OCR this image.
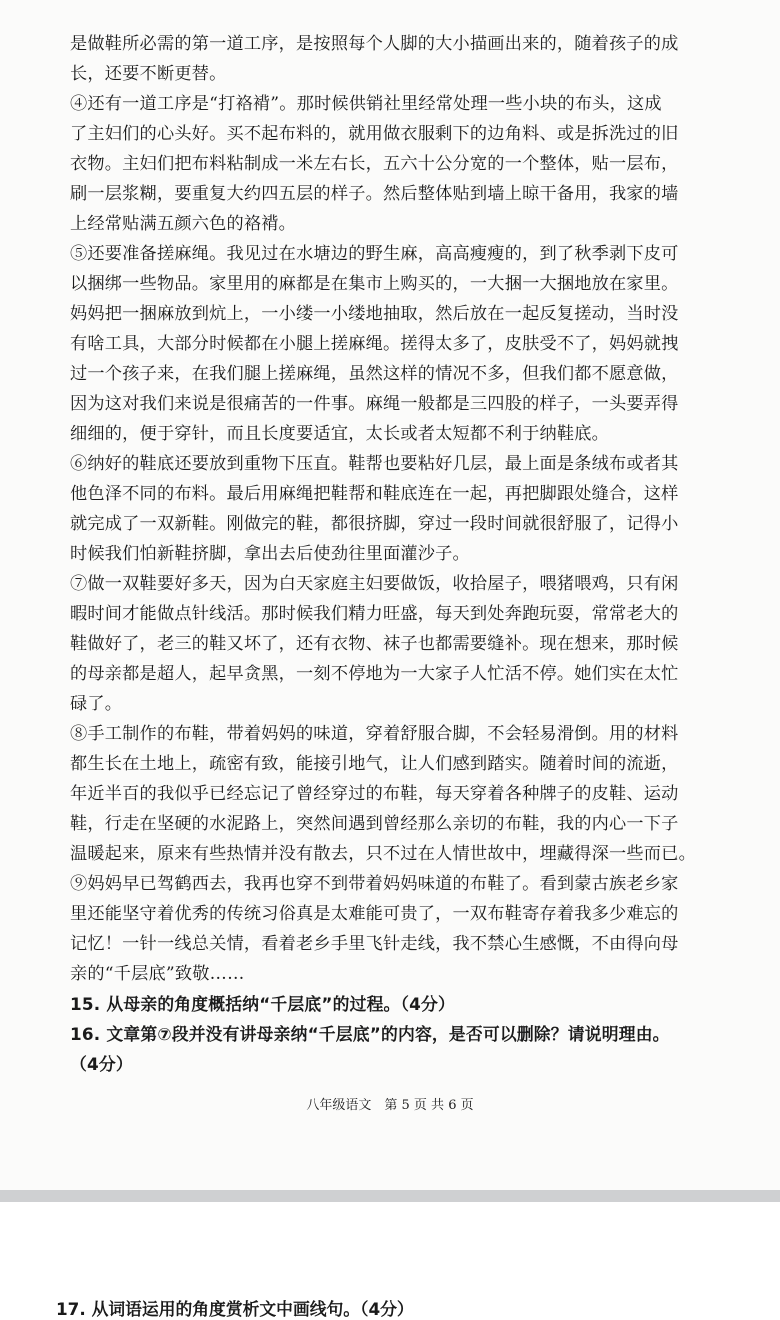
是做鞋所必需的第一道工序，是按照每个人脚的大小描画出来的，随着孩子的成
长，还要不断更替。
④还有一道工序是“打袼褙”。那时候供销社里经常处理一些小块的布头，这成
了主妇们的心头好。买不起布料的，就用做衣服剩下的边角料、或是拆洗过的旧
衣物。主妇们把布料粘制成一米左右长，五六十公分宽的一个整体，贴一层布，
刷一层浆糊，要重复大约四五层的样子。然后整体贴到墙上晾干备用，我家的墙
上经常贴满五颜六色的袼褙。
⑤还要准备搓麻绳。我见过在水塘边的野生麻，高高瘦瘦的，到了秋季剥下皮可
以捆绑一些物品。家里用的麻都是在集市上购买的，一大捆一大捆地放在家里。
妈妈把一捆麻放到炕上，一小缕一小缕地抽取，然后放在一起反复搓动，当时没
有啥工具，大部分时候都在小腿上搓麻绳。搓得太多了，皮肤受不了，妈妈就拽
过一个孩子来，在我们腿上搓麻绳，虽然这样的情况不多，但我们都不愿意做，
因为这对我们来说是很痛苦的一件事。麻绳一般都是三四股的样子，一头要弄得
细细的，便于穿针，而且长度要适宜，太长或者太短都不利于纳鞋底。
⑥纳好的鞋底还要放到重物下压直。鞋帮也要粘好几层，最上面是条绒布或者其
他色泽不同的布料。最后用麻绳把鞋帮和鞋底连在一起，再把脚跟处缝合，这样
就完成了一双新鞋。刚做完的鞋，都很挤脚，穿过一段时间就很舒服了，记得小
时候我们怕新鞋挤脚，拿出去后使劲往里面灌沙子。
⑦做一双鞋要好多天，因为白天家庭主妇要做饭，收拾屋子，喂猪喂鸡，只有闲
暇时间才能做点针线活。那时候我们精力旺盛，每天到处奔跑玩耍，常常老大的
鞋做好了，老三的鞋又坏了，还有衣物、袜子也都需要缝补。现在想来，那时候
的母亲都是超人，起早贪黑，一刻不停地为一大家子人忙活不停。她们实在太忙
碌了。
⑧手工制作的布鞋，带着妈妈的味道，穿着舒服合脚，不会轻易滑倒。用的材料
都生长在土地上，疏密有致，能接引地气，让人们感到踏实。随着时间的流逝，
年近半百的我似乎已经忘记了曾经穿过的布鞋，每天穿着各种牌子的皮鞋、运动
鞋，行走在坚硬的水泥路上，突然间遇到曾经那么亲切的布鞋，我的内心一下子
温暖起来，原来有些热情并没有散去，只不过在人情世故中，埋藏得深一些而已。
⑨妈妈早已驾鹤西去，我再也穿不到带着妈妈味道的布鞋了。看到蒙古族老乡家
里还能坚守着优秀的传统习俗真是太难能可贵了，一双布鞋寄存着我多少难忘的
记忆！一针一线总关情，看着老乡手里飞针走线，我不禁心生感慨，不由得向母
亲的“千层底”致敬……
15. 从母亲的角度概括纳“千层底”的过程。（4分）
16. 文章第⑦段并没有讲母亲纳“千层底”的内容，是否可以删除？请说明理由。
（4分）
八年级语文　第 5 页 共 6 页
17. 从词语运用的角度赏析文中画线句。（4分）
